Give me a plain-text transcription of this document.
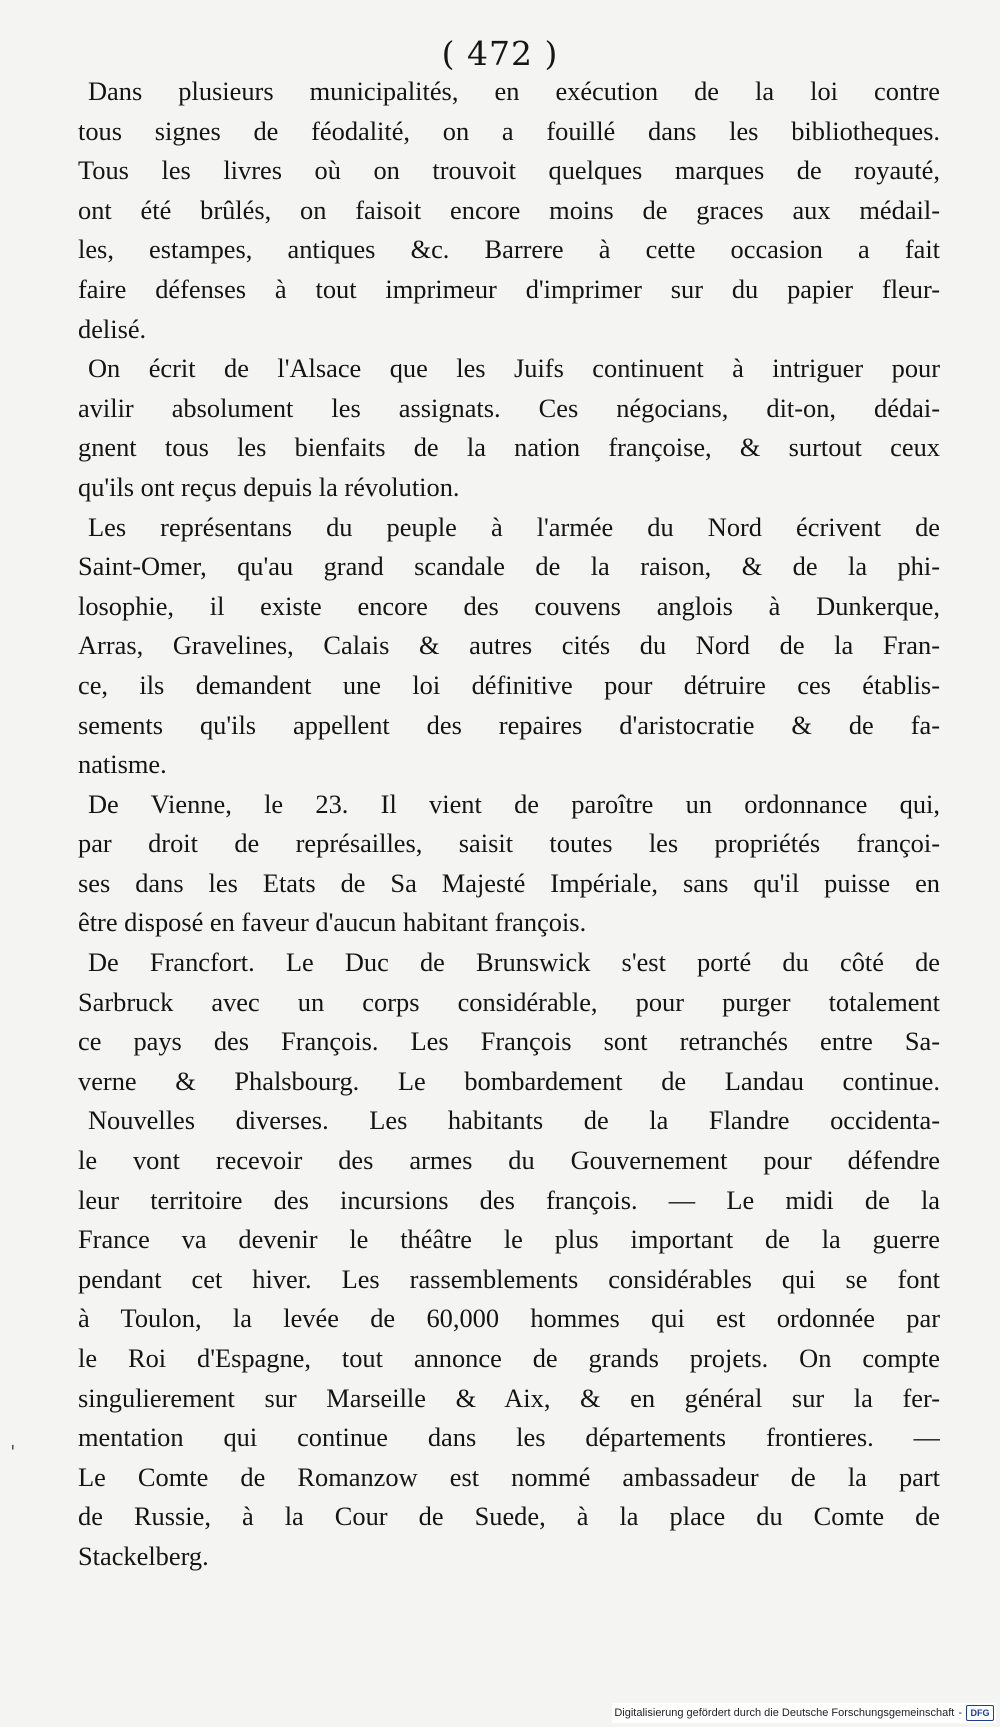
( 472 )
Dans plusieurs municipalités, en exécution de la loi contre
tous signes de féodalité, on a fouillé dans les bibliotheques.
Tous les livres où on trouvoit quelques marques de royauté,
ont été brûlés, on faisoit encore moins de graces aux médail-
les, estampes, antiques &c. Barrere à cette occasion a fait
faire défenses à tout imprimeur d'imprimer sur du papier fleur-
delisé.
On écrit de l'Alsace que les Juifs continuent à intriguer pour
avilir absolument les assignats. Ces négocians, dit-on, dédai-
gnent tous les bienfaits de la nation françoise, & surtout ceux
qu'ils ont reçus depuis la révolution.
Les représentans du peuple à l'armée du Nord écrivent de
Saint-Omer, qu'au grand scandale de la raison, & de la phi-
losophie, il existe encore des couvens anglois à Dunkerque,
Arras, Gravelines, Calais & autres cités du Nord de la Fran-
ce, ils demandent une loi définitive pour détruire ces établis-
sements qu'ils appellent des repaires d'aristocratie & de fa-
natisme.
De Vienne, le 23. Il vient de paroître un ordonnance qui,
par droit de représailles, saisit toutes les propriétés françoi-
ses dans les Etats de Sa Majesté Impériale, sans qu'il puisse en
être disposé en faveur d'aucun habitant françois.
De Francfort. Le Duc de Brunswick s'est porté du côté de
Sarbruck avec un corps considérable, pour purger totalement
ce pays des François. Les François sont retranchés entre Sa-
verne & Phalsbourg. Le bombardement de Landau continue.
Nouvelles diverses. Les habitants de la Flandre occidenta-
le vont recevoir des armes du Gouvernement pour défendre
leur territoire des incursions des françois. — Le midi de la
France va devenir le théâtre le plus important de la guerre
pendant cet hiver. Les rassemblements considérables qui se font
à Toulon, la levée de 60,000 hommes qui est ordonnée par
le Roi d'Espagne, tout annonce de grands projets. On compte
singulierement sur Marseille & Aix, & en général sur la fer-
mentation qui continue dans les départements frontieres. —
Le Comte de Romanzow est nommé ambassadeur de la part
de Russie, à la Cour de Suede, à la place du Comte de
Stackelberg.
ˌ
Digitalisierung gefördert durch die Deutsche Forschungsgemeinschaft - DFG
